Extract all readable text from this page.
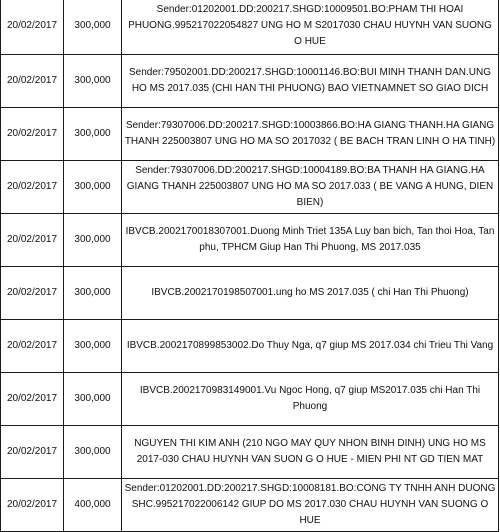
20/02/2017	300,000	Sender:01202001.DD:200217.SHGD:10009501.BO:PHAM THI HOAI PHUONG.995217022054827 UNG HO M S2017030 CHAU HUYNH VAN SUONG O HUE
20/02/2017	300,000	Sender:79502001.DD:200217.SHGD:10001146.BO:BUI MINH THANH DAN.UNG HO MS 2017.035 (CHI HAN THI PHUONG) BAO VIETNAMNET SO GIAO DICH
20/02/2017	300,000	Sender:79307006.DD:200217.SHGD:10003866.BO:HA GIANG THANH.HA GIANG THANH 225003807 UNG HO MA SO 2017032 ( BE BACH TRAN LINH O HA TINH)
20/02/2017	300,000	Sender:79307006.DD:200217.SHGD:10004189.BO:BA THANH HA GIANG.HA GIANG THANH 225003807 UNG HO MA SO 2017.033 ( BE VANG A HUNG, DIEN BIEN)
20/02/2017	300,000	IBVCB.2002170018307001.Duong Minh Triet 135A Luy ban bich, Tan thoi Hoa, Tan phu, TPHCM Giup Han Thi Phuong, MS 2017.035
20/02/2017	300,000	IBVCB.2002170198507001.ung ho MS 2017.035 ( chi Han Thi Phuong)
20/02/2017	300,000	IBVCB.2002170899853002.Do Thuy Nga, q7 giup MS 2017.034 chi Trieu Thi Vang
20/02/2017	300,000	IBVCB.2002170983149001.Vu Ngoc Hong, q7 giup MS2017.035 chi Han Thi Phuong
20/02/2017	300,000	NGUYEN THI KIM ANH (210 NGO MAY QUY NHON BINH DINH) UNG HO MS 2017-030 CHAU HUYNH VAN SUON G O HUE - MIEN PHI NT GD TIEN MAT
20/02/2017	400,000	Sender:01202001.DD:200217.SHGD:10008181.BO:CONG TY TNHH ANH DUONG SHC.995217022006142 GIUP DO MS 2017.030 CHAU HUYNH VAN SUONG O HUE
